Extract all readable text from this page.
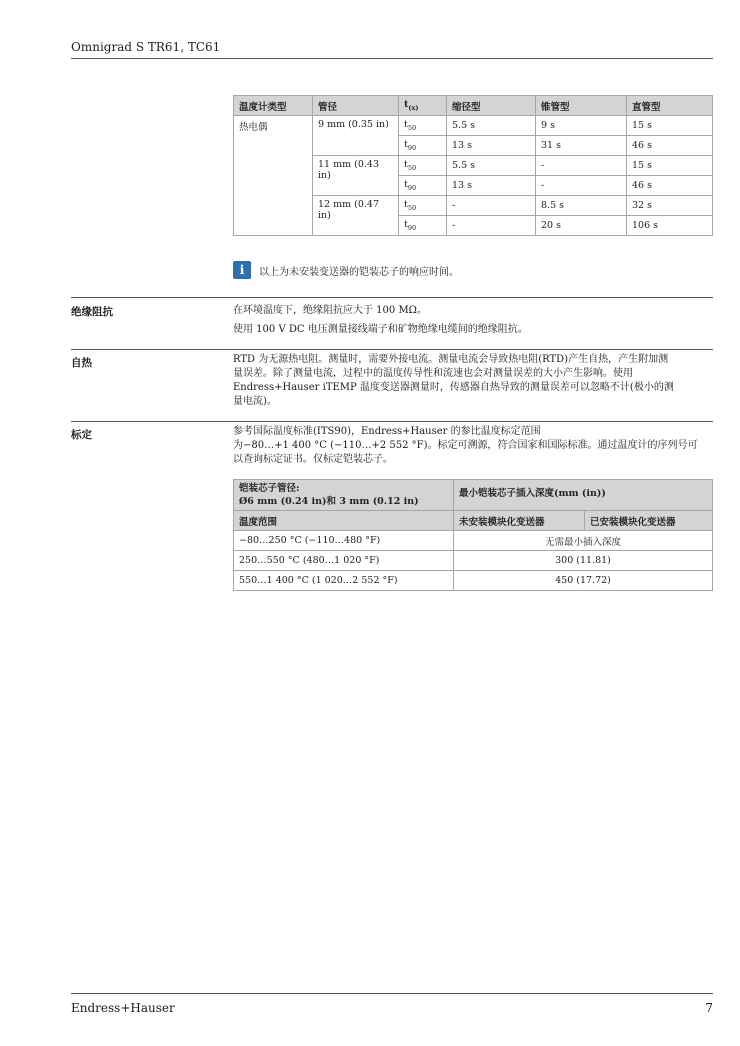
Omnigrad S TR61, TC61
温度计类型	管径	$t_{(x)}$	缩径型	锥管型	直管型
热电偶	9 mm (0.35 in)	$t_{50}$	5.5 s	9 s	15 s
		$t_{90}$	13 s	31 s	46 s
	11 mm (0.43 in)	$t_{50}$	5.5 s	-	15 s
		$t_{90}$	13 s	-	46 s
	12 mm (0.47 in)	$t_{50}$	-	8.5 s	32 s
		$t_{90}$	-	20 s	106 s
i	以上为未安装变送器的铠装芯子的响应时间。
绝缘阻抗	在环境温度下，绝缘阻抗应大于 100 MΩ。
使用 100 V DC 电压测量接线端子和矿物绝缘电缆间的绝缘阻抗。
自热	RTD 为无源热电阻。测量时，需要外接电流。测量电流会导致热电阻(RTD)产生自热，产生附加测
量误差。除了测量电流，过程中的温度传导性和流速也会对测量误差的大小产生影响。使用
Endress+Hauser iTEMP 温度变送器测量时，传感器自热导致的测量误差可以忽略不计(极小的测
量电流)。
标定	参考国际温度标准(ITS90)，Endress+Hauser 的参比温度标定范围
为−80…+1 400 °C (−110…+2 552 °F)。标定可溯源，符合国家和国际标准。通过温度计的序列号可
以查询标定证书。仅标定铠装芯子。
铠装芯子管径:
Ø6 mm (0.24 in)和 3 mm (0.12 in)	最小铠装芯子插入深度(mm (in))	
温度范围	未安装模块化变送器	已安装模块化变送器
−80…250 °C (−110…480 °F)	无需最小插入深度	
250…550 °C (480…1 020 °F)	300 (11.81)	
550…1 400 °C (1 020…2 552 °F)	450 (17.72)	
Endress+Hauser	7
